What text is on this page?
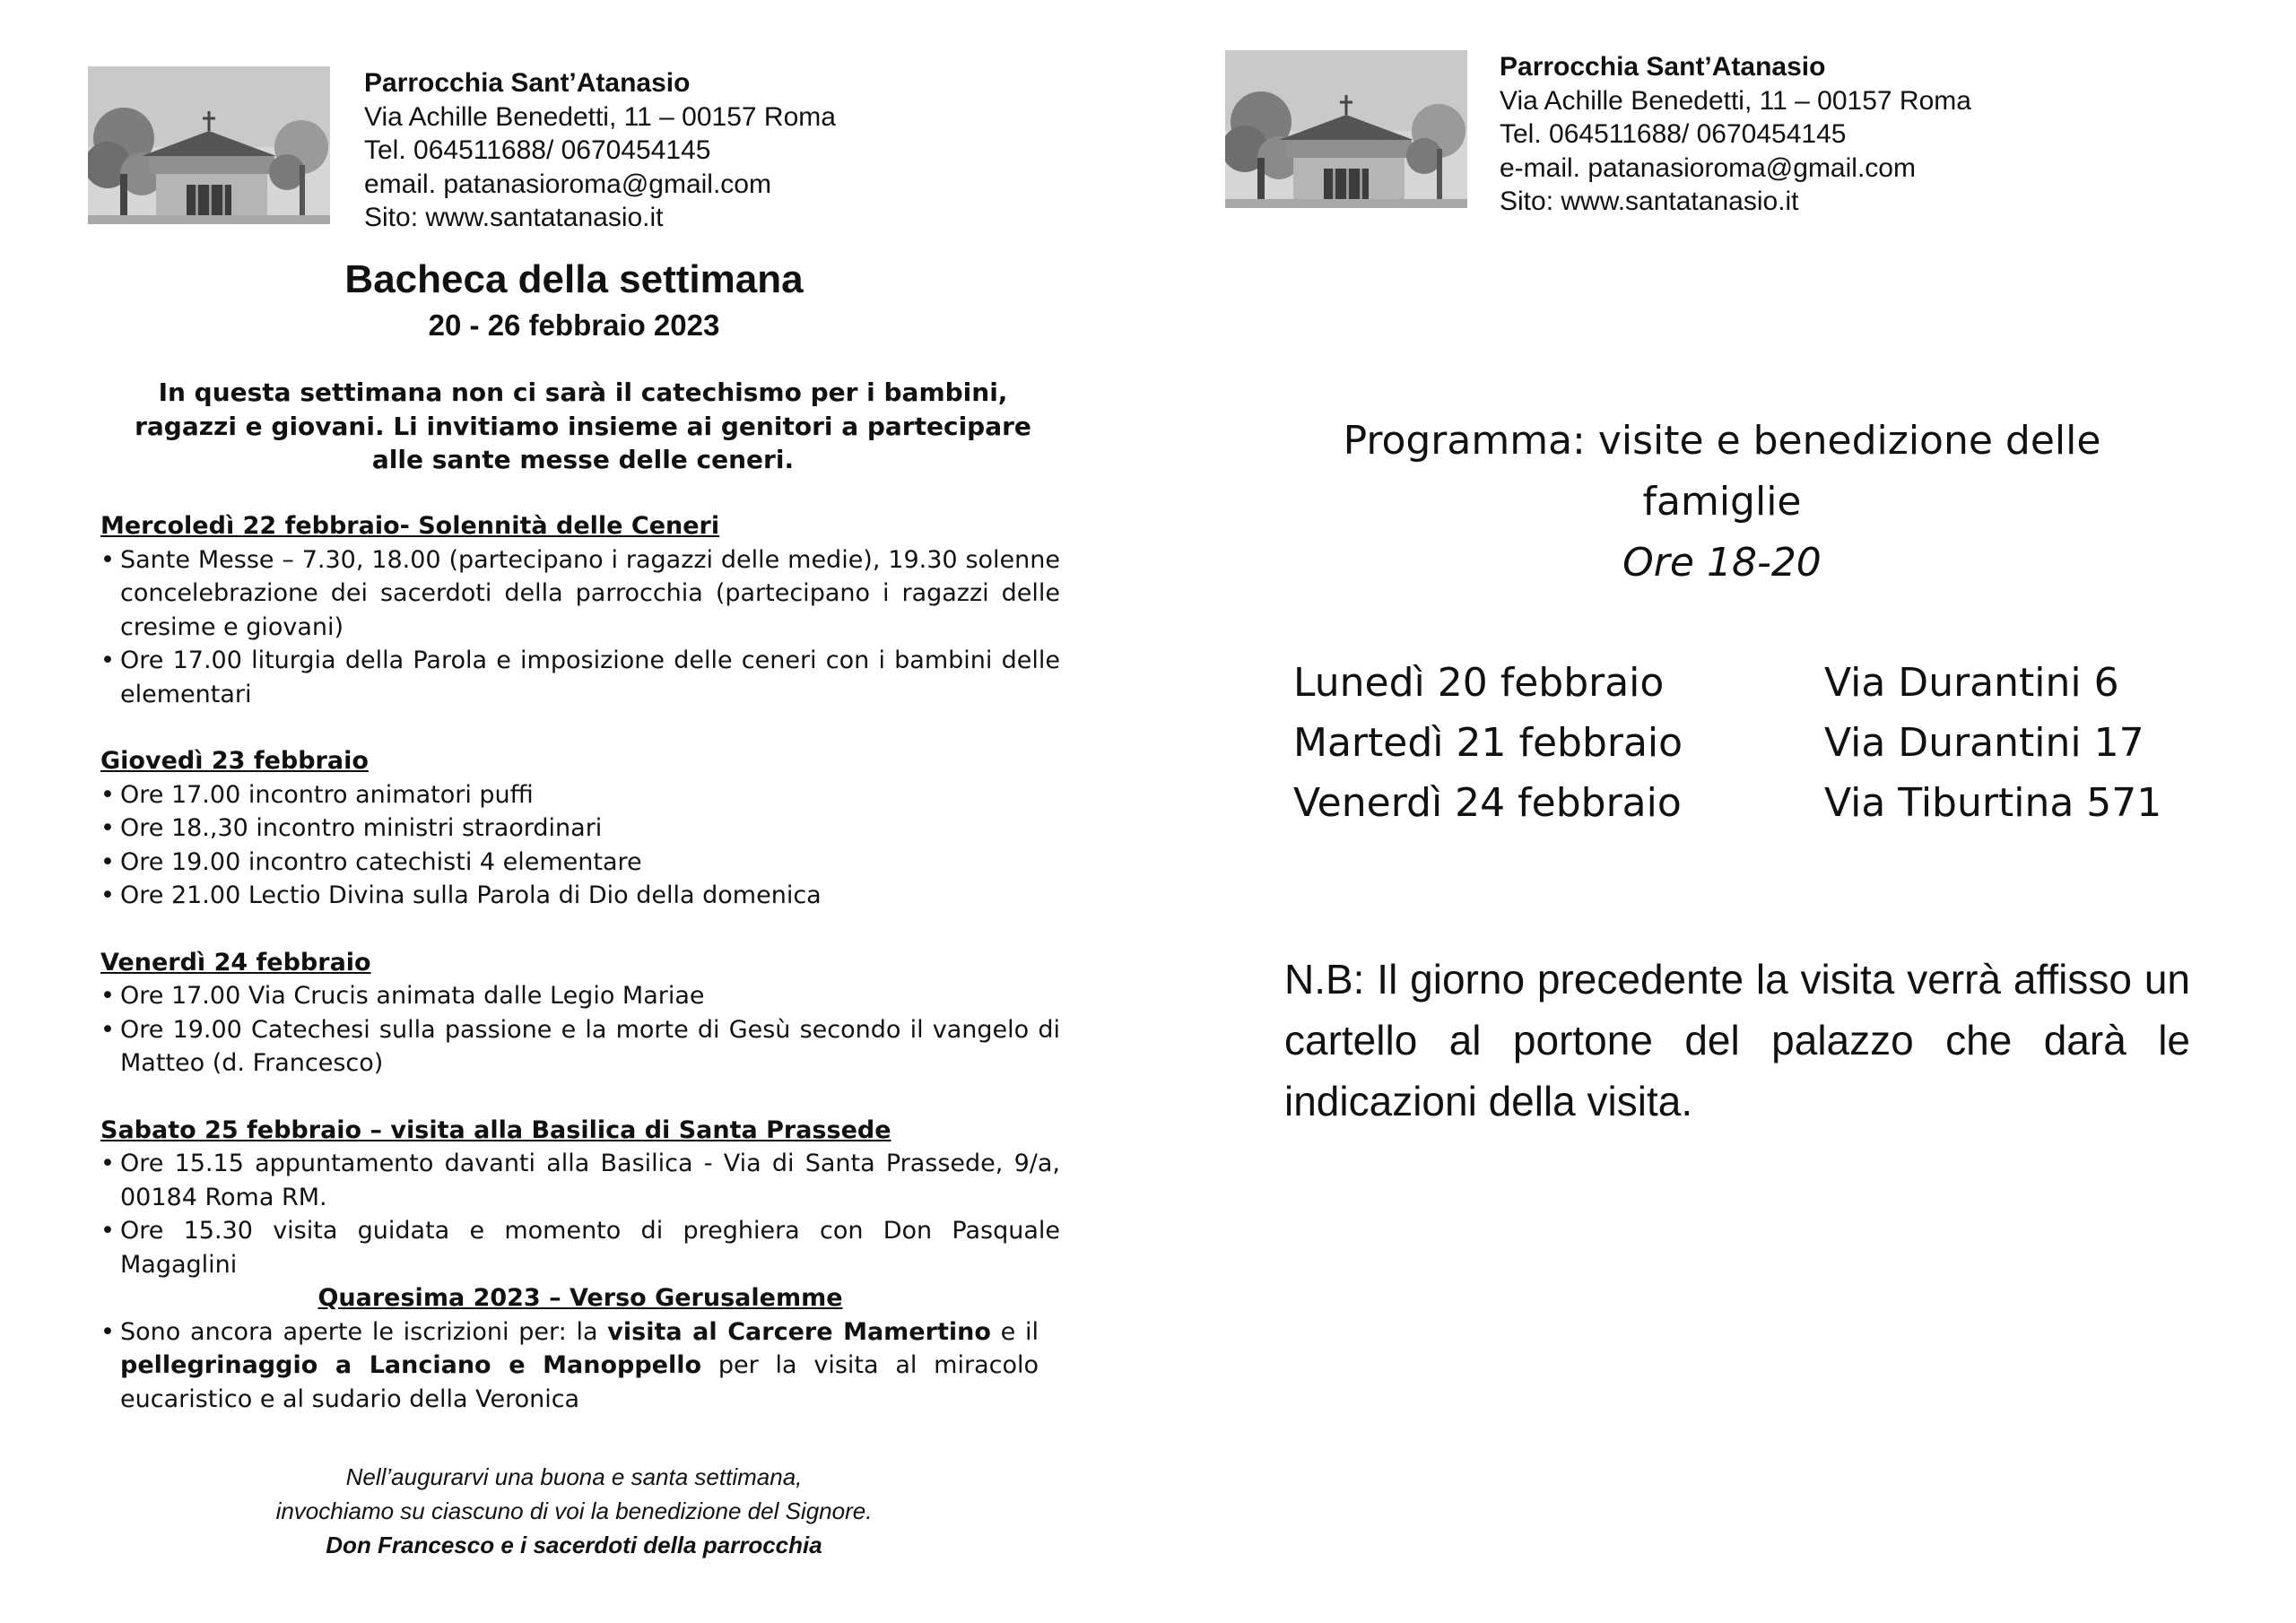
Parrocchia Sant’Atanasio
Via Achille Benedetti, 11 – 00157 Roma
Tel. 064511688/ 0670454145
email. patanasioroma@gmail.com
Sito: www.santatanasio.it
Bacheca della settimana
20 - 26 febbraio 2023
In questa settimana non ci sarà il catechismo per i bambini, ragazzi e giovani. Li invitiamo insieme ai genitori a partecipare alle sante messe delle ceneri.
Mercoledì 22 febbraio- Solennità delle Ceneri
• Sante Messe – 7.30, 18.00 (partecipano i ragazzi delle medie), 19.30 solenne concelebrazione dei sacerdoti della parrocchia (partecipano i ragazzi delle cresime e giovani)
• Ore 17.00 liturgia della Parola e imposizione delle ceneri con i bambini delle elementari
Giovedì 23 febbraio
• Ore 17.00 incontro animatori puffi
• Ore 18.,30 incontro ministri straordinari
• Ore 19.00 incontro catechisti 4 elementare
• Ore 21.00 Lectio Divina sulla Parola di Dio della domenica
Venerdì 24 febbraio
• Ore 17.00 Via Crucis animata dalle Legio Mariae
• Ore 19.00 Catechesi sulla passione e la morte di Gesù secondo il vangelo di Matteo (d. Francesco)
Sabato 25 febbraio – visita alla Basilica di Santa Prassede
• Ore 15.15 appuntamento davanti alla Basilica - Via di Santa Prassede, 9/a, 00184 Roma RM.
• Ore 15.30 visita guidata e momento di preghiera con Don Pasquale Magaglini
Quaresima 2023 – Verso Gerusalemme
• Sono ancora aperte le iscrizioni per: la visita al Carcere Mamertino e il pellegrinaggio a Lanciano e Manoppello per la visita al miracolo eucaristico e al sudario della Veronica
Nell’augurarvi una buona e santa settimana,
invochiamo su ciascuno di voi la benedizione del Signore.
Don Francesco e i sacerdoti della parrocchia
Parrocchia Sant’Atanasio
Via Achille Benedetti, 11 – 00157 Roma
Tel. 064511688/ 0670454145
e-mail. patanasioroma@gmail.com
Sito: www.santatanasio.it
Programma: visite e benedizione delle
famiglie
Ore 18-20
Lunedì 20 febbraio	Via Durantini 6
Martedì 21 febbraio	Via Durantini 17
Venerdì 24 febbraio	Via Tiburtina 571
N.B: Il giorno precedente la visita verrà affisso un cartello al portone del palazzo che darà le indicazioni della visita.
